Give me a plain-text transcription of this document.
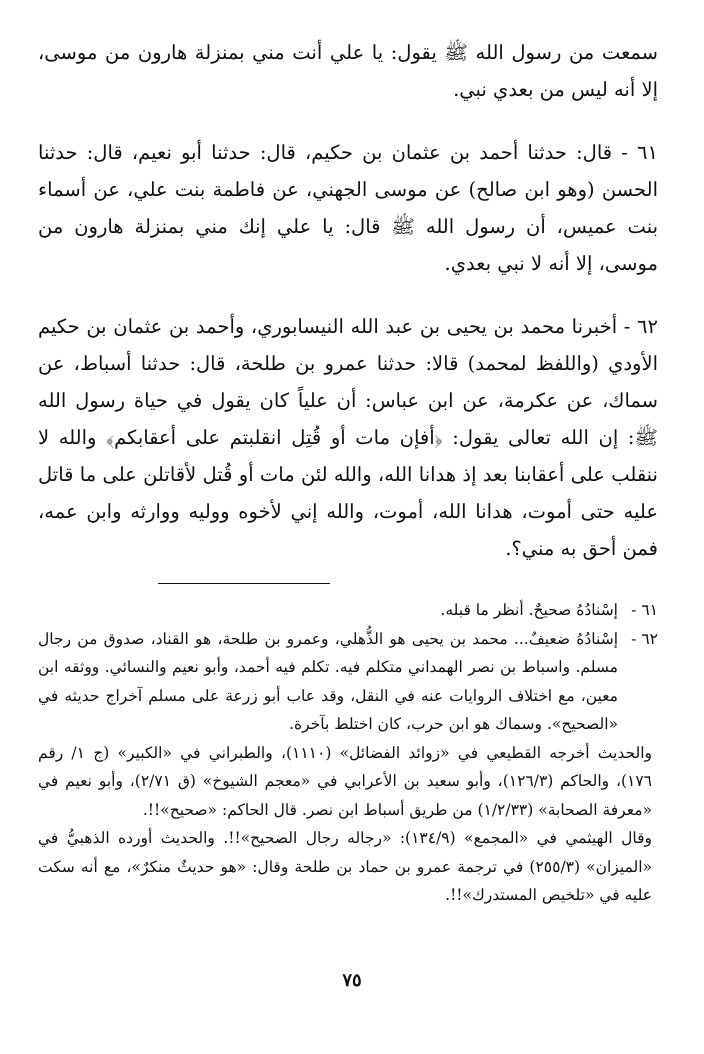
سمعت من رسول الله ﷺ يقول: يا علي أنت مني بمنزلة هارون من موسى، إلا أنه ليس من بعدي نبي.

٦١ - قال: حدثنا أحمد بن عثمان بن حكيم، قال: حدثنا أبو نعيم، قال: حدثنا الحسن (وهو ابن صالح) عن موسى الجهني، عن فاطمة بنت علي، عن أسماء بنت عميس، أن رسول الله ﷺ قال: يا علي إنك مني بمنزلة هارون من موسى، إلا أنه لا نبي بعدي.

٦٢ - أخبرنا محمد بن يحيى بن عبد الله النيسابوري، وأحمد بن عثمان بن حكيم الأودي (واللفظ لمحمد) قالا: حدثنا عمرو بن طلحة، قال: حدثنا أسباط، عن سماك، عن عكرمة، عن ابن عباس: أن علياً كان يقول في حياة رسول الله ﷺ: إن الله تعالى يقول: ﴿أفإن مات أو قُتِل انقلبتم على أعقابكم﴾ والله لا ننقلب على أعقابنا بعد إذ هدانا الله، والله لئن مات أو قُتل لأقاتلن على ما قاتل عليه حتى أموت، هدانا الله، أموت، والله إني لأخوه ووليه ووارثه وابن عمه، فمن أحق به مني؟.

٦١ -

إسْنادُهُ صحيحٌ. أنظر ما قبله.

٦٢ -

إسْنادُهُ ضعيفٌ... محمد بن يحيى هو الذُّهلي، وعمرو بن طلحة، هو القناد، صدوق من رجال مسلم. واسباط بن نصر الهمداني متكلم فيه. تكلم فيه أحمد، وأبو نعيم والنسائي. ووثقه ابن معين، مع اختلاف الروايات عنه في النقل، وقد عاب أبو زرعة على مسلم آخراج حديثه في «الصحيح». وسماك هو ابن حرب، كان اختلط بآخرة.

والحديث أخرجه القطيعي في «زوائد الفضائل» (١١١٠)، والطبراني في «الكبير» (ج ١/ رقم ١٧٦)، والحاكم (١٢٦/٣)، وأبو سعيد بن الأعرابي في «معجم الشيوخ» (ق ٢/٧١)، وأبو نعيم في «معرفة الصحابة» (١/٢/٣٣) من طريق أسباط ابن نصر. قال الحاكم: «صحيح»!!.

وقال الهيثمي في «المجمع» (١٣٤/٩): «رجاله رجال الصحيح»!!. والحديث أورده الذهبيُّ في «الميزان» (٢٥٥/٣) في ترجمة عمرو بن حماد بن طلحة وقال: «هو حديثٌ منكرٌ»، مع أنه سكت عليه في «تلخيص المستدرك»!!.

٧٥
